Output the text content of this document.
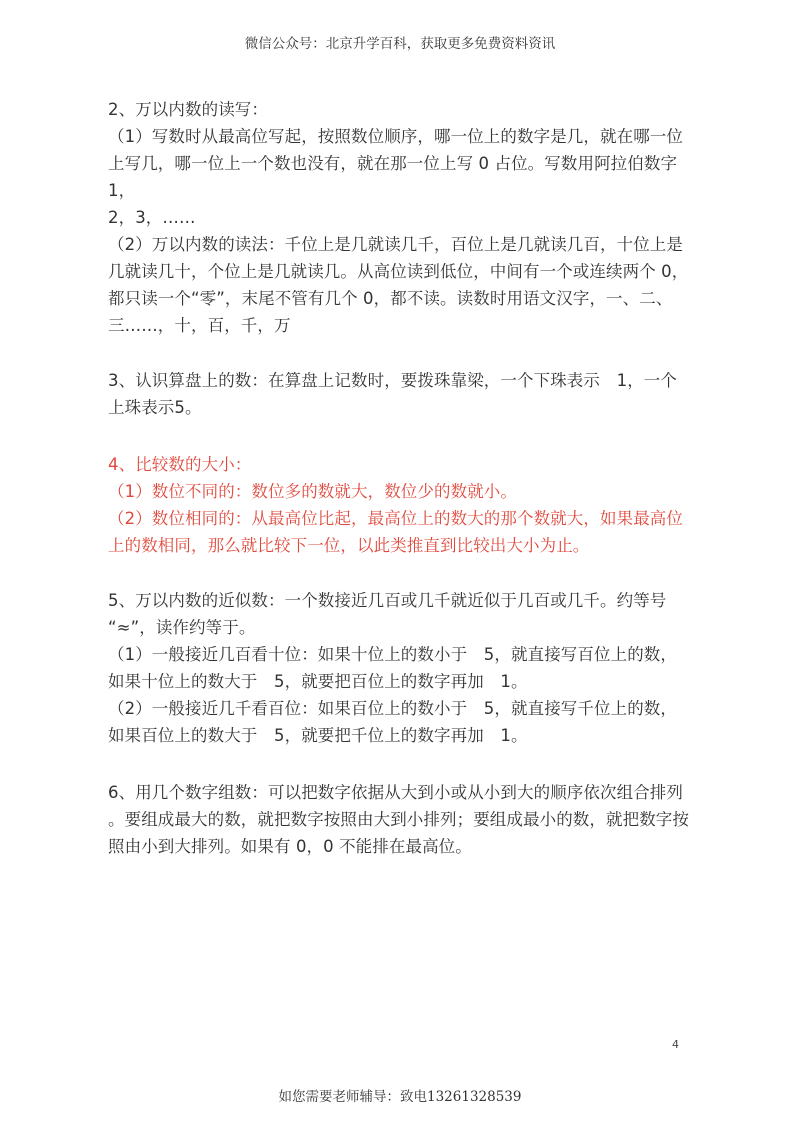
微信公众号：北京升学百科，获取更多免费资料资讯

2、万以内数的读写：

（1）写数时从最高位写起，按照数位顺序，哪一位上的数字是几，就在哪一位

上写几，哪一位上一个数也没有，就在那一位上写 0 占位。写数用阿拉伯数字 1，

2，3，……

（2）万以内数的读法：千位上是几就读几千，百位上是几就读几百，十位上是

几就读几十，个位上是几就读几。从高位读到低位，中间有一个或连续两个 0，

都只读一个“零”，末尾不管有几个 0，都不读。读数时用语文汉字，一、二、

三……，十，百，千，万

3、认识算盘上的数：在算盘上记数时，要拨珠靠梁，一个下珠表示　1，一个

上珠表示5。

4、比较数的大小：

（1）数位不同的：数位多的数就大，数位少的数就小。

（2）数位相同的：从最高位比起，最高位上的数大的那个数就大，如果最高位

上的数相同，那么就比较下一位，以此类推直到比较出大小为止。

5、万以内数的近似数：一个数接近几百或几千就近似于几百或几千。约等号

“≈”，读作约等于。

（1）一般接近几百看十位：如果十位上的数小于　5，就直接写百位上的数，

如果十位上的数大于　5，就要把百位上的数字再加　1。

（2）一般接近几千看百位：如果百位上的数小于　5，就直接写千位上的数，

如果百位上的数大于　5，就要把千位上的数字再加　1。

6、用几个数字组数：可以把数字依据从大到小或从小到大的顺序依次组合排列

。要组成最大的数，就把数字按照由大到小排列；要组成最小的数，就把数字按

照由小到大排列。如果有 0，0 不能排在最高位。

4
如您需要老师辅导：致电13261328539
